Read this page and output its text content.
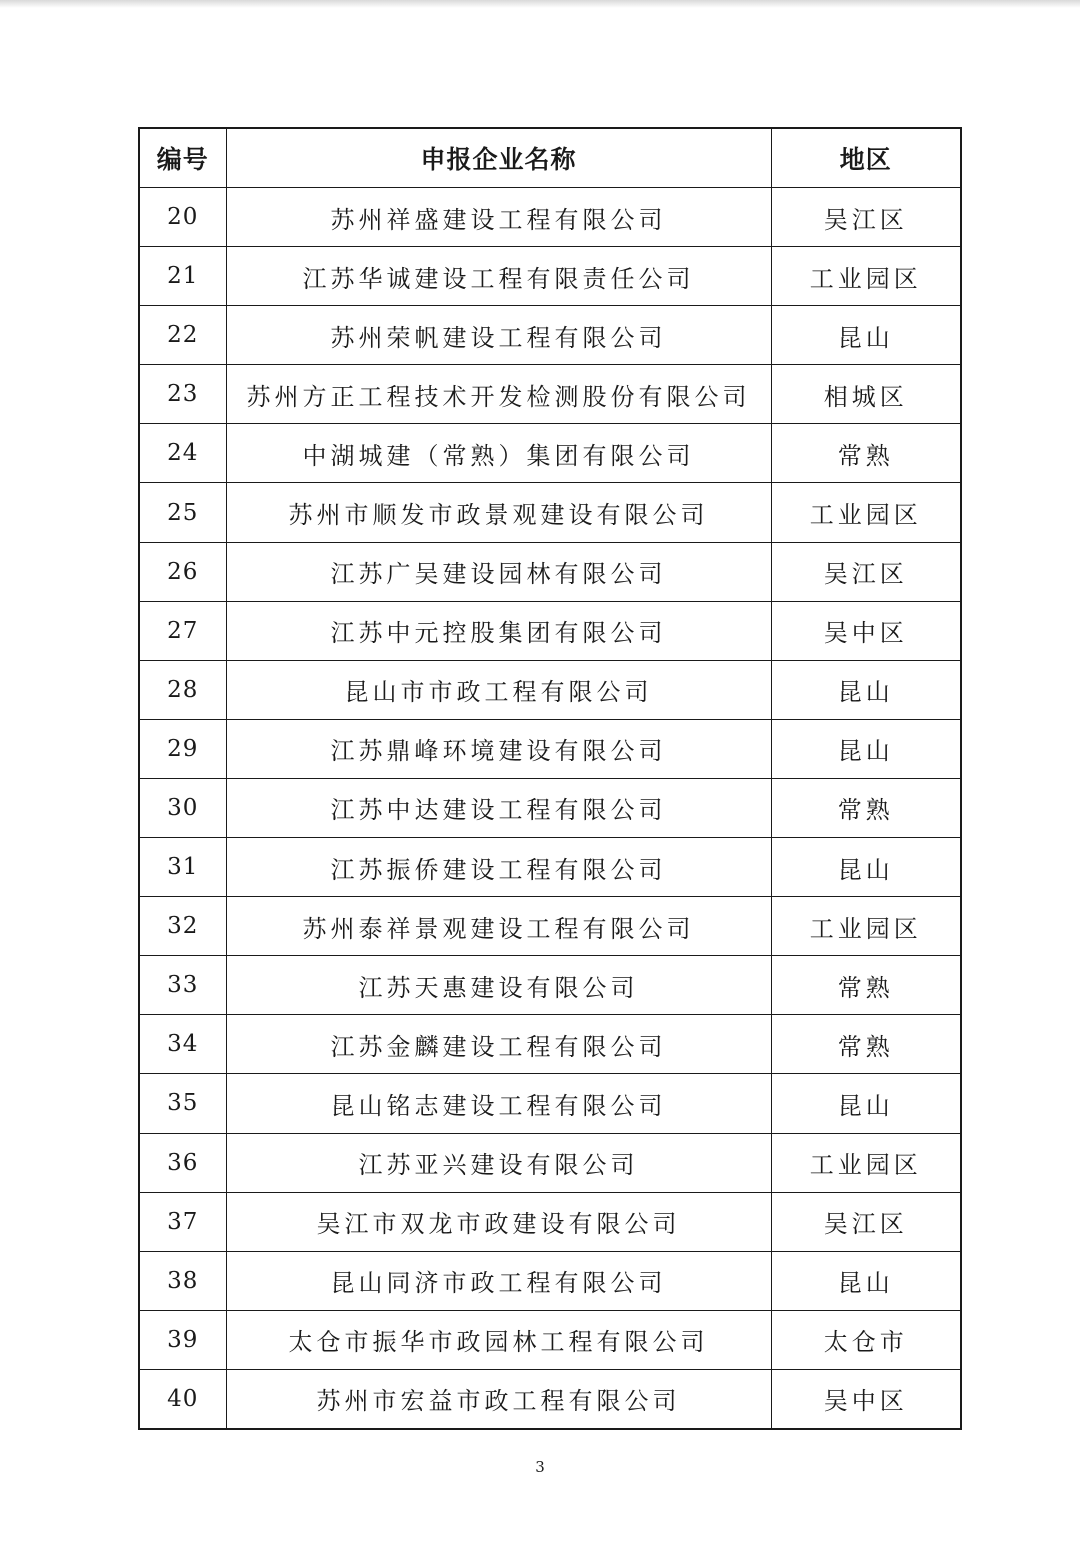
编号	申报企业名称	地区
20	苏州祥盛建设工程有限公司	吴江区
21	江苏华诚建设工程有限责任公司	工业园区
22	苏州荣帆建设工程有限公司	昆山
23	苏州方正工程技术开发检测股份有限公司	相城区
24	中湖城建（常熟）集团有限公司	常熟
25	苏州市顺发市政景观建设有限公司	工业园区
26	江苏广吴建设园林有限公司	吴江区
27	江苏中元控股集团有限公司	吴中区
28	昆山市市政工程有限公司	昆山
29	江苏鼎峰环境建设有限公司	昆山
30	江苏中达建设工程有限公司	常熟
31	江苏振侨建设工程有限公司	昆山
32	苏州泰祥景观建设工程有限公司	工业园区
33	江苏天惠建设有限公司	常熟
34	江苏金麟建设工程有限公司	常熟
35	昆山铭志建设工程有限公司	昆山
36	江苏亚兴建设有限公司	工业园区
37	吴江市双龙市政建设有限公司	吴江区
38	昆山同济市政工程有限公司	昆山
39	太仓市振华市政园林工程有限公司	太仓市
40	苏州市宏益市政工程有限公司	吴中区
3
